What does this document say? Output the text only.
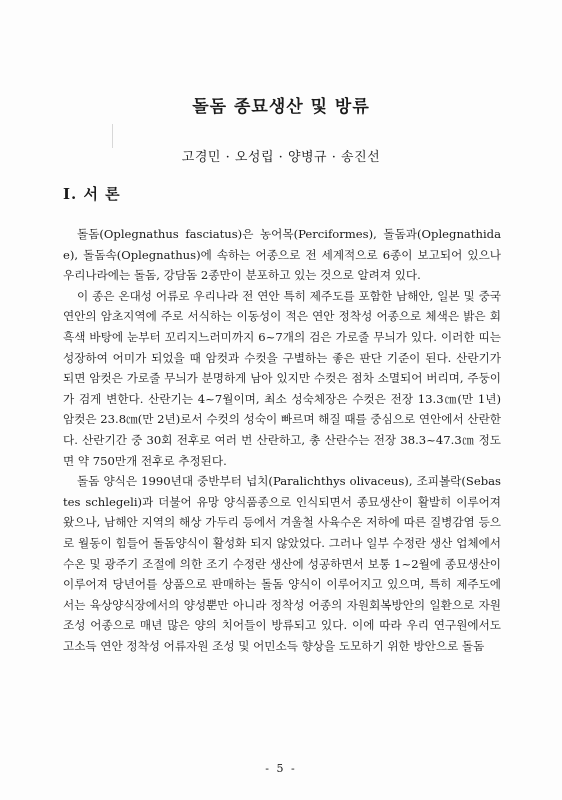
돌돔 종묘생산 및 방류
고경민 · 오성립 · 양병규 · 송진선
I. 서 론

돌돔(Oplegnathus fasciatus)은 농어목(Perciformes), 돌돔과(Oplegnathidae), 돌돔속(Oplegnathus)에 속하는 어종으로 전 세계적으로 6종이 보고되어 있으나 우리나라에는 돌돔, 강담돔 2종만이 분포하고 있는 것으로 알려져 있다.

이 종은 온대성 어류로 우리나라 전 연안 특히 제주도를 포함한 남해안, 일본 및 중국 연안의 암초지역에 주로 서식하는 이동성이 적은 연안 정착성 어종으로 체색은 밝은 회흑색 바탕에 눈부터 꼬리지느러미까지 6~7개의 검은 가로줄 무늬가 있다. 이러한 띠는 성장하여 어미가 되었을 때 암컷과 수컷을 구별하는 좋은 판단 기준이 된다. 산란기가 되면 암컷은 가로줄 무늬가 분명하게 남아 있지만 수컷은 점차 소멸되어 버리며, 주둥이가 검게 변한다. 산란기는 4~7월이며, 최소 성숙체장은 수컷은 전장 13.3㎝(만 1년) 암컷은 23.8㎝(만 2년)로서 수컷의 성숙이 빠르며 해질 때를 중심으로 연안에서 산란한다. 산란기간 중 30회 전후로 여러 번 산란하고, 총 산란수는 전장 38.3~47.3㎝ 정도면 약 750만개 전후로 추정된다.

돌돔 양식은 1990년대 중반부터 넙치(Paralichthys olivaceus), 조피볼락(Sebastes schlegeli)과 더불어 유망 양식품종으로 인식되면서 종묘생산이 활발히 이루어져 왔으나, 남해안 지역의 해상 가두리 등에서 겨울철 사육수온 저하에 따른 질병감염 등으로 월동이 힘들어 돌돔양식이 활성화 되지 않았었다. 그러나 일부 수정란 생산 업체에서 수온 및 광주기 조절에 의한 조기 수정란 생산에 성공하면서 보통 1~2월에 종묘생산이 이루어져 당년어를 상품으로 판매하는 돌돔 양식이 이루어지고 있으며, 특히 제주도에서는 육상양식장에서의 양성뿐만 아니라 정착성 어종의 자원회복방안의 일환으로 자원조성 어종으로 매년 많은 양의 치어들이 방류되고 있다. 이에 따라 우리 연구원에서도 고소득 연안 정착성 어류자원 조성 및 어민소득 향상을 도모하기 위한 방안으로 돌돔

- 5 -
